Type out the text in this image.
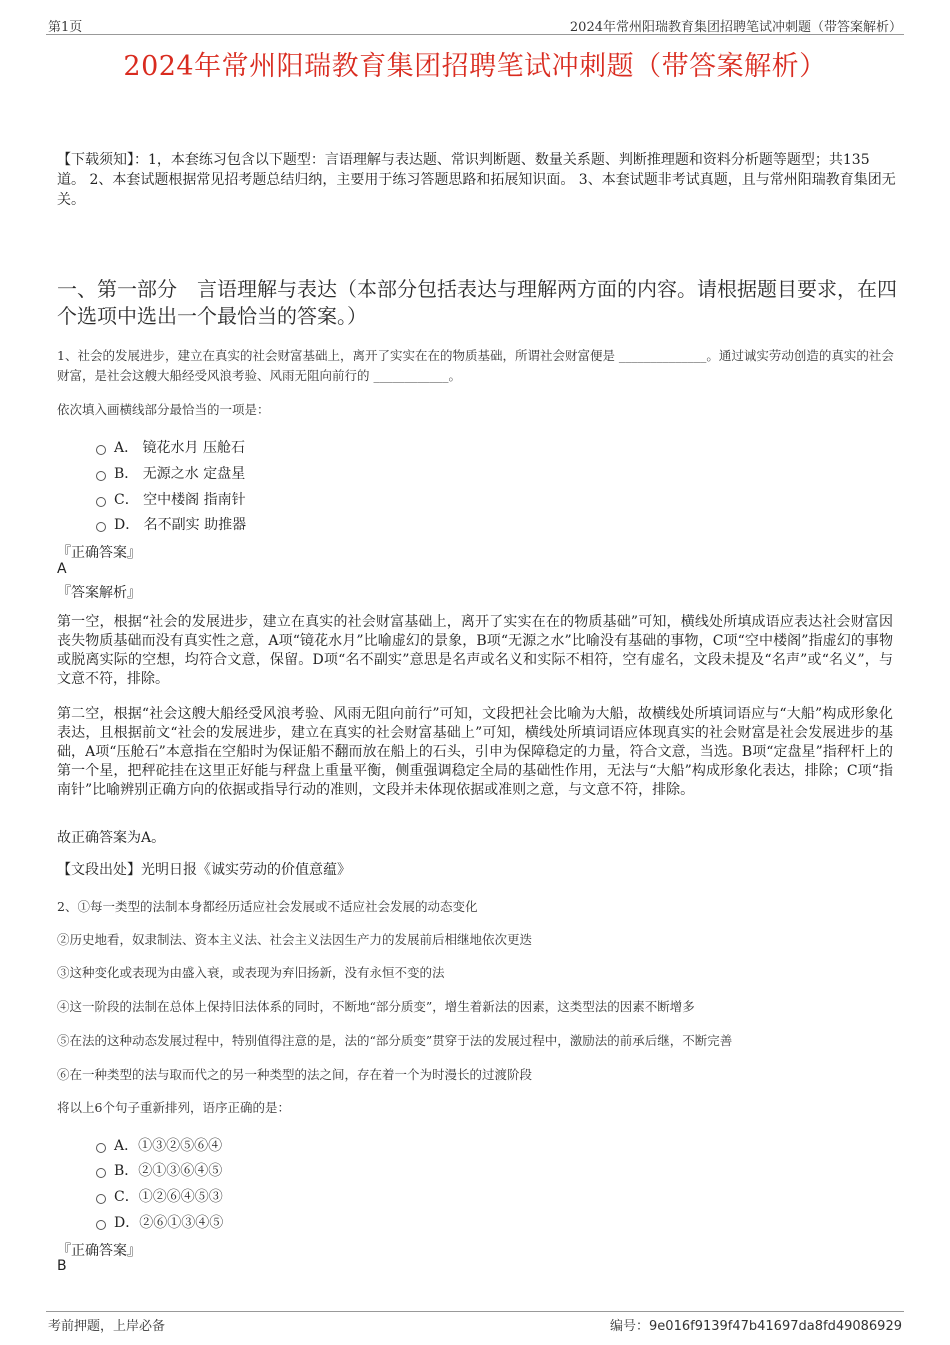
第1页	2024年常州阳瑞教育集团招聘笔试冲刺题（带答案解析）
2024年常州阳瑞教育集团招聘笔试冲刺题（带答案解析）
【下载须知】：1，本套练习包含以下题型：言语理解与表达题、常识判断题、数量关系题、判断推理题和资料分析题等题型；共135道。 2、本套试题根据常见招考题总结归纳，主要用于练习答题思路和拓展知识面。 3、本套试题非考试真题，且与常州阳瑞教育集团无关。
一、第一部分　言语理解与表达（本部分包括表达与理解两方面的内容。请根据题目要求，在四个选项中选出一个最恰当的答案。）
1、社会的发展进步，建立在真实的社会财富基础上，离开了实实在在的物质基础，所谓社会财富便是 ______________。通过诚实劳动创造的真实的社会财富，是社会这艘大船经受风浪考验、风雨无阻向前行的 ____________。
依次填入画横线部分最恰当的一项是：
A． 镜花水月 压舱石
B． 无源之水 定盘星
C． 空中楼阁 指南针
D． 名不副实 助推器
『正确答案』
A
『答案解析』
第一空，根据“社会的发展进步，建立在真实的社会财富基础上，离开了实实在在的物质基础”可知，横线处所填成语应表达社会财富因丧失物质基础而没有真实性之意，A项“镜花水月”比喻虚幻的景象，B项“无源之水”比喻没有基础的事物，C项“空中楼阁”指虚幻的事物或脱离实际的空想，均符合文意，保留。D项“名不副实”意思是名声或名义和实际不相符，空有虚名，文段未提及“名声”或“名义”，与文意不符，排除。
第二空，根据“社会这艘大船经受风浪考验、风雨无阻向前行”可知，文段把社会比喻为大船，故横线处所填词语应与“大船”构成形象化表达，且根据前文“社会的发展进步，建立在真实的社会财富基础上”可知，横线处所填词语应体现真实的社会财富是社会发展进步的基础，A项“压舱石”本意指在空船时为保证船不翻而放在船上的石头，引申为保障稳定的力量，符合文意，当选。B项“定盘星”指秤杆上的第一个星，把秤砣挂在这里正好能与秤盘上重量平衡，侧重强调稳定全局的基础性作用，无法与“大船”构成形象化表达，排除；C项“指南针”比喻辨别正确方向的依据或指导行动的准则，文段并未体现依据或准则之意，与文意不符，排除。
故正确答案为A。
【文段出处】光明日报《诚实劳动的价值意蕴》
2、①每一类型的法制本身都经历适应社会发展或不适应社会发展的动态变化
②历史地看，奴隶制法、资本主义法、社会主义法因生产力的发展前后相继地依次更迭
③这种变化或表现为由盛入衰，或表现为弃旧扬新，没有永恒不变的法
④这一阶段的法制在总体上保持旧法体系的同时，不断地“部分质变”，增生着新法的因素，这类型法的因素不断增多
⑤在法的这种动态发展过程中，特别值得注意的是，法的“部分质变”贯穿于法的发展过程中，激励法的前承后继，不断完善
⑥在一种类型的法与取而代之的另一种类型的法之间，存在着一个为时漫长的过渡阶段
将以上6个句子重新排列，语序正确的是：
A．①③②⑤⑥④
B．②①③⑥④⑤
C．①②⑥④⑤③
D．②⑥①③④⑤
『正确答案』
B
考前押题，上岸必备	编号：9e016f9139f47b41697da8fd49086929
